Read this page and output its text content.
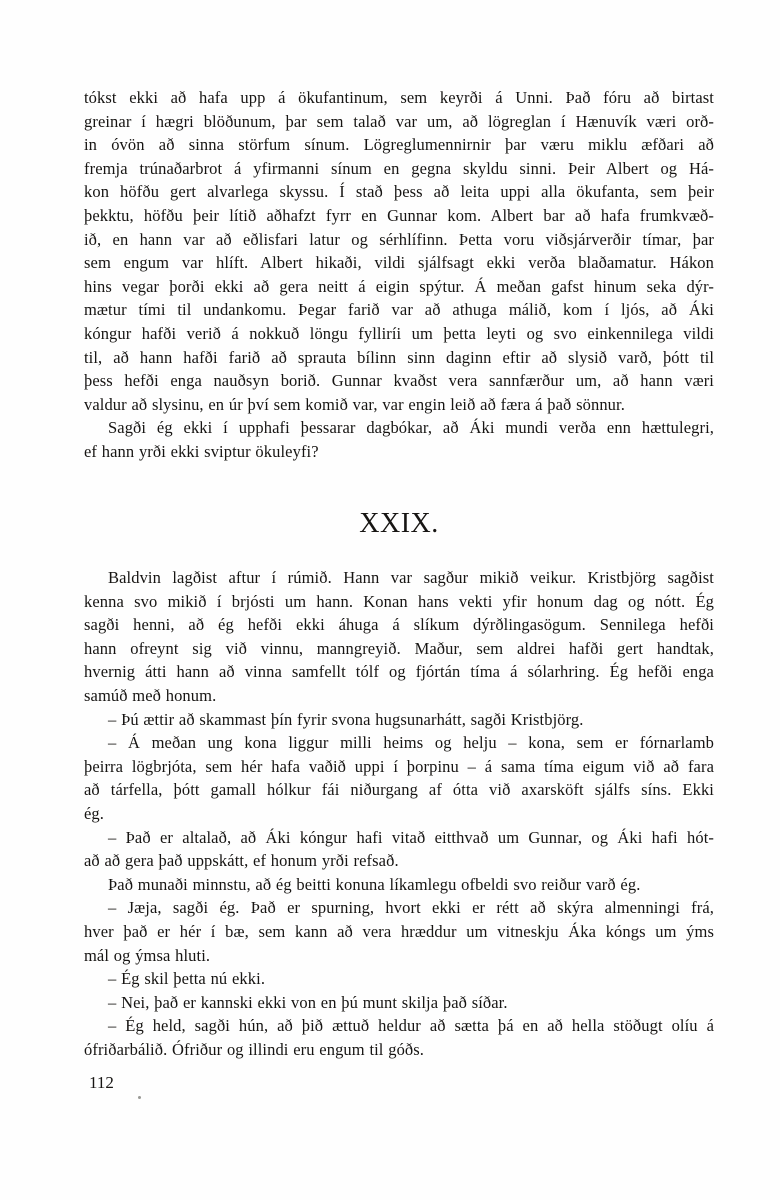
tókst ekki að hafa upp á ökufantinum, sem keyrði á Unni. Það fóru að birtast
greinar í hægri blöðunum, þar sem talað var um, að lögreglan í Hænuvík væri orð-
in óvön að sinna störfum sínum. Lögreglumennirnir þar væru miklu æfðari að
fremja trúnaðarbrot á yfirmanni sínum en gegna skyldu sinni. Þeir Albert og Há-
kon höfðu gert alvarlega skyssu. Í stað þess að leita uppi alla ökufanta, sem þeir
þekktu, höfðu þeir lítið aðhafzt fyrr en Gunnar kom. Albert bar að hafa frumkvæð-
ið, en hann var að eðlisfari latur og sérhlífinn. Þetta voru viðsjárverðir tímar, þar
sem engum var hlíft. Albert hikaði, vildi sjálfsagt ekki verða blaðamatur. Hákon
hins vegar þorði ekki að gera neitt á eigin spýtur. Á meðan gafst hinum seka dýr-
mætur tími til undankomu. Þegar farið var að athuga málið, kom í ljós, að Áki
kóngur hafði verið á nokkuð löngu fylliríi um þetta leyti og svo einkennilega vildi
til, að hann hafði farið að sprauta bílinn sinn daginn eftir að slysið varð, þótt til
þess hefði enga nauðsyn borið. Gunnar kvaðst vera sannfærður um, að hann væri
valdur að slysinu, en úr því sem komið var, var engin leið að færa á það sönnur.
Sagði ég ekki í upphafi þessarar dagbókar, að Áki mundi verða enn hættulegri,
ef hann yrði ekki sviptur ökuleyfi?
XXIX.
Baldvin lagðist aftur í rúmið. Hann var sagður mikið veikur. Kristbjörg sagðist
kenna svo mikið í brjósti um hann. Konan hans vekti yfir honum dag og nótt. Ég
sagði henni, að ég hefði ekki áhuga á slíkum dýrðlingasögum. Sennilega hefði
hann ofreynt sig við vinnu, manngreyið. Maður, sem aldrei hafði gert handtak,
hvernig átti hann að vinna samfellt tólf og fjórtán tíma á sólarhring. Ég hefði enga
samúð með honum.
– Þú ættir að skammast þín fyrir svona hugsunarhátt, sagði Kristbjörg.
– Á meðan ung kona liggur milli heims og helju – kona, sem er fórnarlamb
þeirra lögbrjóta, sem hér hafa vaðið uppi í þorpinu – á sama tíma eigum við að fara
að tárfella, þótt gamall hólkur fái niðurgang af ótta við axarsköft sjálfs síns. Ekki
ég.
– Það er altalað, að Áki kóngur hafi vitað eitthvað um Gunnar, og Áki hafi hót-
að að gera það uppskátt, ef honum yrði refsað.
Það munaði minnstu, að ég beitti konuna líkamlegu ofbeldi svo reiður varð ég.
– Jæja, sagði ég. Það er spurning, hvort ekki er rétt að skýra almenningi frá,
hver það er hér í bæ, sem kann að vera hræddur um vitneskju Áka kóngs um ýms
mál og ýmsa hluti.
– Ég skil þetta nú ekki.
– Nei, það er kannski ekki von en þú munt skilja það síðar.
– Ég held, sagði hún, að þið ættuð heldur að sætta þá en að hella stöðugt olíu á
ófriðarbálið. Ófriður og illindi eru engum til góðs.
112
